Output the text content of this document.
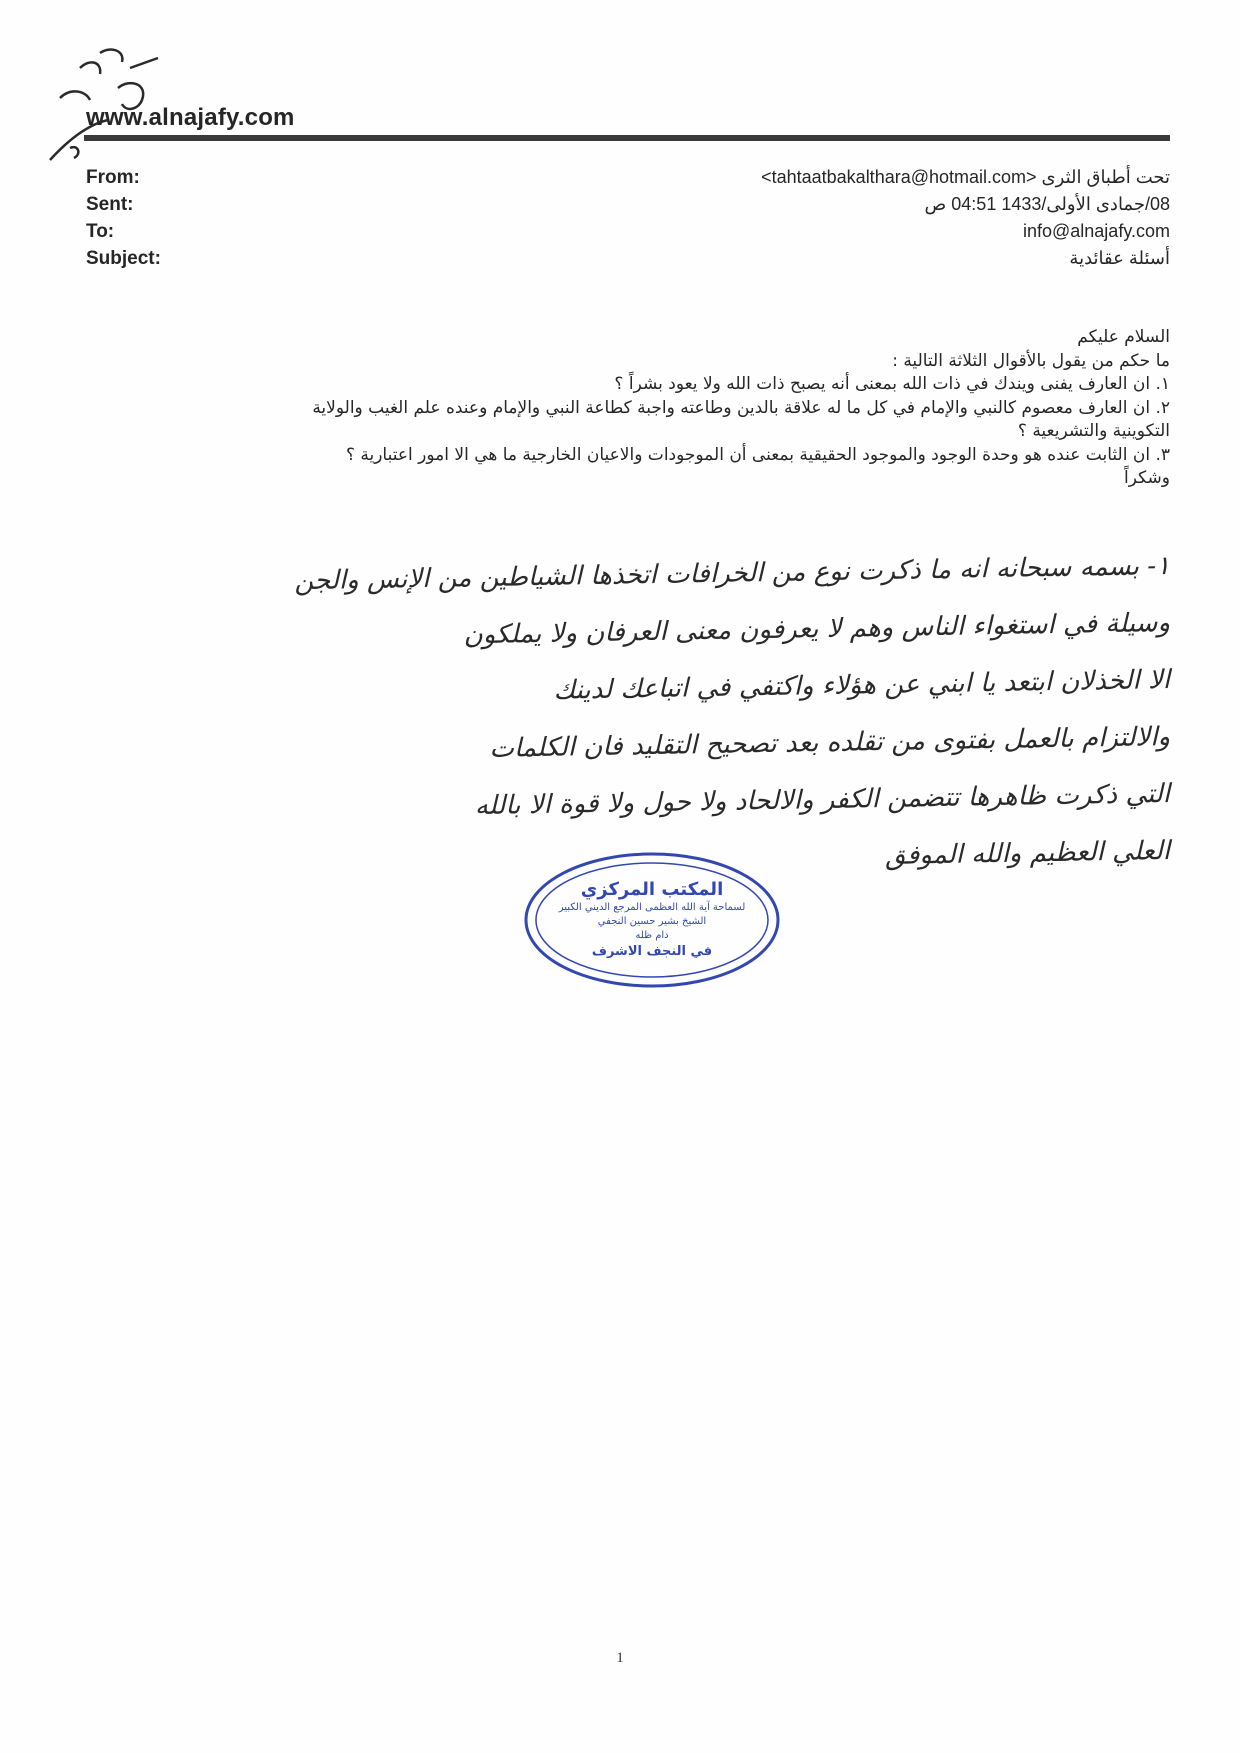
www.alnajafy.com
From:
Sent:
To:
Subject:
تحت أطباق الثرى <tahtaatbakalthara@hotmail.com>
08/جمادى الأولى/1433 04:51 ص
info@alnajafy.com
أسئلة عقائدية
السلام عليكم
ما حكم من يقول بالأقوال الثلاثة التالية :
١. ان العارف يفنى ويندك في ذات الله بمعنى أنه يصبح ذات الله ولا يعود بشراً ؟
٢. ان العارف معصوم كالنبي والإمام في كل ما له علاقة بالدين وطاعته واجبة كطاعة النبي والإمام وعنده علم الغيب والولاية
التكوينية والتشريعية ؟
٣. ان الثابت عنده هو وحدة الوجود والموجود الحقيقية بمعنى أن الموجودات والاعيان الخارجية ما هي الا امور اعتبارية ؟
وشكراً
١- بسمه سبحانه انه ما ذكرت نوع من الخرافات اتخذها الشياطين من الإنس والجن
وسيلة في استغواء الناس وهم لا يعرفون معنى العرفان ولا يملكون
الا الخذلان ابتعد يا ابني عن هؤلاء واكتفي في اتباعك لدينك
والالتزام بالعمل بفتوى من تقلده بعد تصحيح التقليد فان الكلمات
التي ذكرت ظاهرها تتضمن الكفر والالحاد ولا حول ولا قوة الا بالله
العلي العظيم والله الموفق
المكتب المركزي
لسماحة آية الله العظمى المرجع الديني الكبير
الشيخ بشير حسين النجفي
دام ظله
في النجف الاشرف
1
